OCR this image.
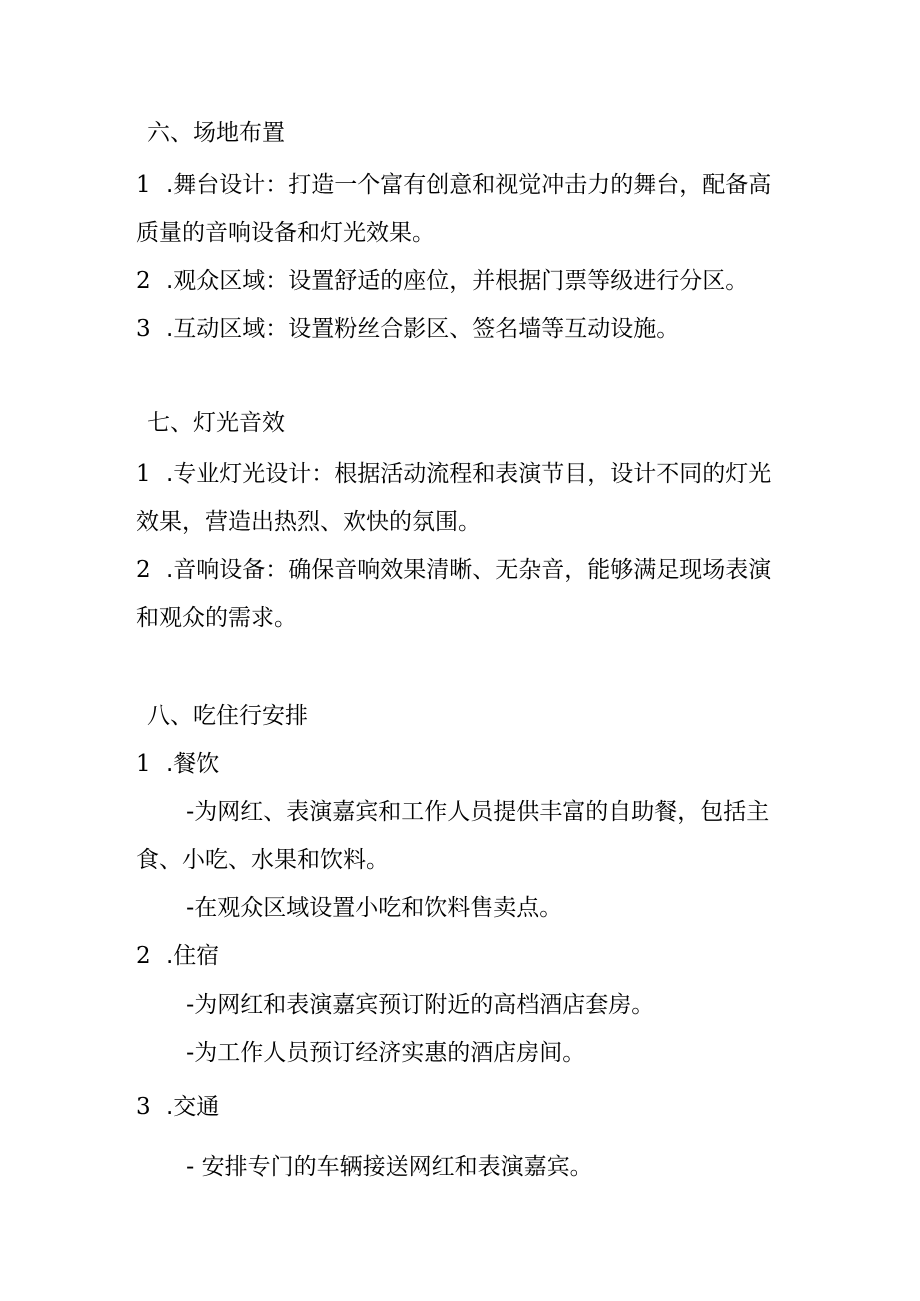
六、场地布置
1 .舞台设计：打造一个富有创意和视觉冲击力的舞台，配备高
质量的音响设备和灯光效果。
2 .观众区域：设置舒适的座位，并根据门票等级进行分区。
3 .互动区域：设置粉丝合影区、签名墙等互动设施。
七、灯光音效
1 .专业灯光设计：根据活动流程和表演节目，设计不同的灯光
效果，营造出热烈、欢快的氛围。
2 .音响设备：确保音响效果清晰、无杂音，能够满足现场表演
和观众的需求。
八、吃住行安排
1 .餐饮
-为网红、表演嘉宾和工作人员提供丰富的自助餐，包括主
食、小吃、水果和饮料。
-在观众区域设置小吃和饮料售卖点。
2 .住宿
-为网红和表演嘉宾预订附近的高档酒店套房。
-为工作人员预订经济实惠的酒店房间。
3 .交通
- 安排专门的车辆接送网红和表演嘉宾。
